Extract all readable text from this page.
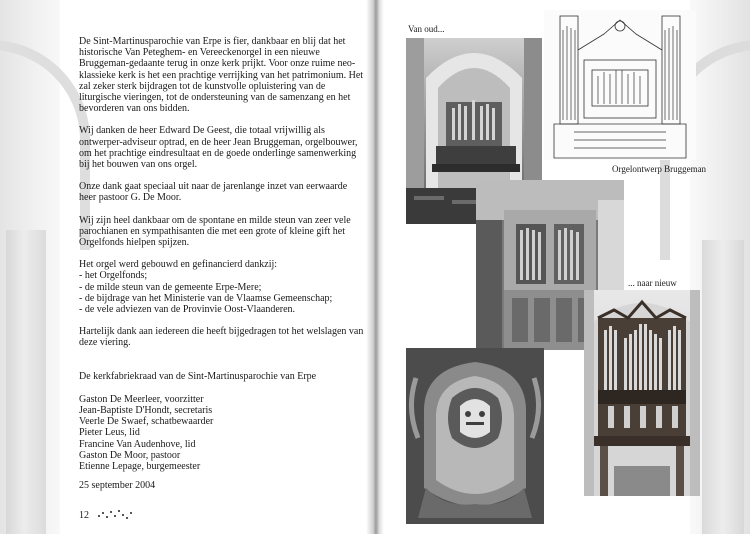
De Sint-Martinusparochie van Erpe is fier, dankbaar en blij dat het historische Van Peteghem- en Vereeckenorgel in een nieuwe Bruggeman-gedaante terug in onze kerk prijkt. Voor onze ruime neo-klassieke kerk is het een prachtige verrijking van het patrimonium. Het zal zeker sterk bijdragen tot de kunstvolle opluistering van de liturgische vieringen, tot de ondersteuning van de samenzang en het bevorderen van ons bidden.

Wij danken de heer Edward De Geest, die totaal vrijwillig als ontwerper-adviseur optrad, en de heer Jean Bruggeman, orgelbouwer, om het prachtige eindresultaat en de goede onderlinge samenwerking bij het bouwen van ons orgel.

Onze dank gaat speciaal uit naar de jarenlange inzet van eerwaarde heer pastoor G. De Moor.

Wij zijn heel dankbaar om de spontane en milde steun van zeer vele parochianen en sympathisanten die met een grote of kleine gift het Orgelfonds hielpen spijzen.

Het orgel werd gebouwd en gefinancierd dankzij:
- het Orgelfonds;
- de milde steun van de gemeente Erpe-Mere;
- de bijdrage van het Ministerie van de Vlaamse Gemeenschap;
- de vele adviezen van de Provinvie Oost-Vlaanderen.

Hartelijk dank aan iedereen die heeft bijgedragen tot het welslagen van deze viering.

De kerkfabriekraad van de Sint-Martinusparochie van Erpe

Gaston De Meerleer, voorzitter
Jean-Baptiste D'Hondt, secretaris
Veerle De Swaef, schatbewaarder
Pieter Leus, lid
Francine Van Audenhove, lid
Gaston De Moor, pastoor
Etienne Lepage, burgemeester

25 september 2004

12
Van oud...
Orgelontwerp Bruggeman
... naar nieuw
